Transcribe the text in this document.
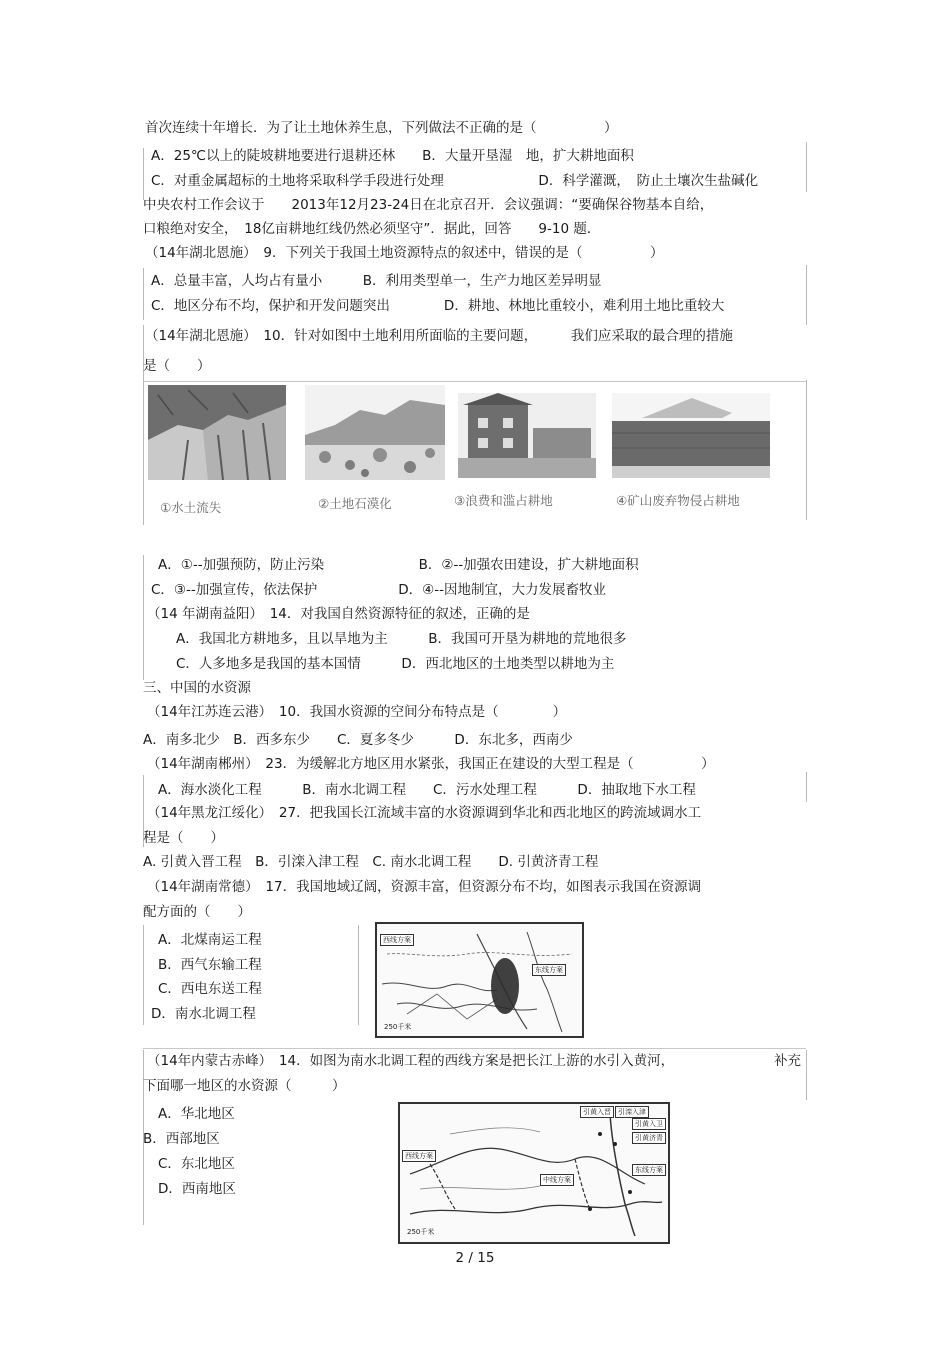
首次连续十年增长．为了让土地休养生息，下列做法不正确的是（　　　　　）
A．25℃以上的陡坡耕地要进行退耕还林　　B．大量开垦湿　地，扩大耕地面积
C．对重金属超标的土地将采取科学手段进行处理　　　　　　　D．科学灌溉，　防止土壤次生盐碱化
中央农村工作会议于　　2013年12月23-24日在北京召开．会议强调：“要确保谷物基本自给，
口粮绝对安全，　18亿亩耕地红线仍然必须坚守”．据此，回答　　9-10 题．
（14年湖北恩施）　9．下列关于我国土地资源特点的叙述中，错误的是（　　　　　）
A．总量丰富，人均占有量小　　　B．利用类型单一，生产力地区差异明显
C．地区分布不均，保护和开发问题突出　　　　D．耕地、林地比重较小，难利用土地比重较大
（14年湖北恩施）　10．针对如图中土地利用所面临的主要问题，　　　我们应采取的最合理的措施
是（　　）
①水土流失	②土地石漠化	③浪费和滥占耕地	④矿山废弃物侵占耕地
A．①--加强预防，防止污染　　　　　　　B．②--加强农田建设，扩大耕地面积
C．③--加强宣传，依法保护　　　　　　D．④--因地制宜，大力发展畜牧业
（14 年湖南益阳）　14．对我国自然资源特征的叙述，正确的是
A．我国北方耕地多，且以旱地为主　　　B．我国可开垦为耕地的荒地很多
C．人多地多是我国的基本国情　　　D．西北地区的土地类型以耕地为主
三、中国的水资源
（14年江苏连云港）　10．我国水资源的空间分布特点是（　　　　）
A．南多北少　B．西多东少　　C．夏多冬少　　　D．东北多，西南少
（14年湖南郴州）　23．为缓解北方地区用水紧张，我国正在建设的大型工程是（　　　　　）
A．海水淡化工程　　　B．南水北调工程　　C．污水处理工程　　　D．抽取地下水工程
（14年黑龙江绥化）　27．把我国长江流域丰富的水资源调到华北和西北地区的跨流域调水工
程是（　　）
A. 引黄入晋工程　B．引滦入津工程　C. 南水北调工程　　D. 引黄济青工程
（14年湖南常德）　17．我国地域辽阔，资源丰富，但资源分布不均，如图表示我国在资源调
配方面的（　　）
A．北煤南运工程
B．西气东输工程
C．西电东送工程
D．南水北调工程
西线方案
东线方案
250千米
（14年内蒙古赤峰）　14．如图为南水北调工程的西线方案是把长江上游的水引入黄河，	补充
下面哪一地区的水资源（　　　）
A．华北地区
B．西部地区
C．东北地区
D．西南地区
引黄入晋	引滦入津
引黄入卫
引黄济青
西线方案
中线方案
东线方案
250千米
2 / 15
